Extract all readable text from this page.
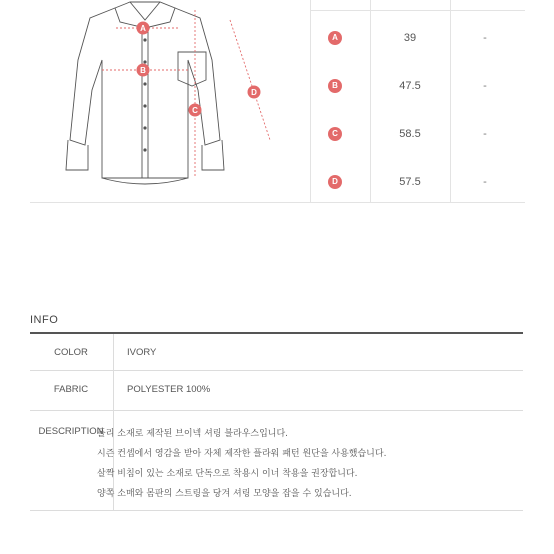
A
B
C
D
A	39	-
B	47.5	-
C	58.5	-
D	57.5	-
INFO
COLOR	IVORY
FABRIC	POLYESTER 100%
DESCRIPTION
폴리 소재로 제작된 브이넥 셔링 블라우스입니다.
시즌 컨셉에서 영감을 받아 자체 제작한 플라워 패턴 원단을 사용했습니다.
살짝 비침이 있는 소재로 단독으로 착용시 이너 착용을 권장합니다.
양쪽 소매와 몸판의 스트링을 당겨 셔링 모양을 잡을 수 있습니다.
